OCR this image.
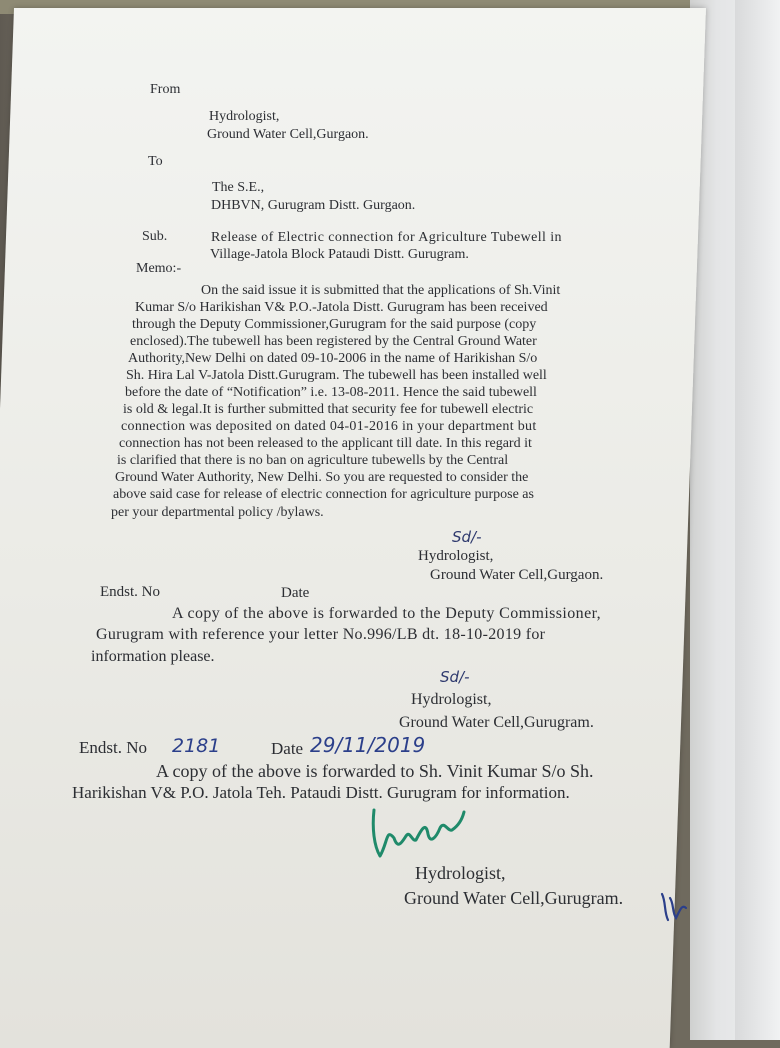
From
Hydrologist,
Ground Water Cell,Gurgaon.
To
The S.E.,
DHBVN, Gurugram Distt. Gurgaon.
Sub.	Release of Electric connection for Agriculture Tubewell in
Village-Jatola Block Pataudi Distt. Gurugram.
Memo:-
On the said issue it is submitted that the applications of Sh.Vinit
Kumar S/o Harikishan V& P.O.-Jatola Distt. Gurugram has been received
through the Deputy Commissioner,Gurugram for the said purpose (copy
enclosed).The tubewell has been registered by the Central Ground Water
Authority,New Delhi on dated 09-10-2006 in the name of Harikishan S/o
Sh. Hira Lal V-Jatola Distt.Gurugram. The tubewell has been installed well
before the date of “Notification” i.e. 13-08-2011. Hence the said tubewell
is old & legal.It is further submitted that security fee for tubewell electric
connection was deposited on dated 04-01-2016 in your department but
connection has not been released to the applicant till date. In this regard it
is clarified that there is no ban on agriculture tubewells by the Central
Ground Water Authority, New Delhi. So you are requested to consider the
above said case for release of electric connection for agriculture purpose as
per your departmental policy /bylaws.
Sd/-
Hydrologist,
Ground Water Cell,Gurgaon.
Endst. No	Date
A copy of the above is forwarded to the Deputy Commissioner,
Gurugram with reference your letter No.996/LB dt. 18-10-2019 for
information please.
Sd/-
Hydrologist,
Ground Water Cell,Gurugram.
Endst. No 2181	Date 29/11/2019
A copy of the above is forwarded to Sh. Vinit Kumar S/o Sh.
Harikishan V& P.O. Jatola Teh. Pataudi Distt. Gurugram for information.
Hydrologist,
Ground Water Cell,Gurugram.
